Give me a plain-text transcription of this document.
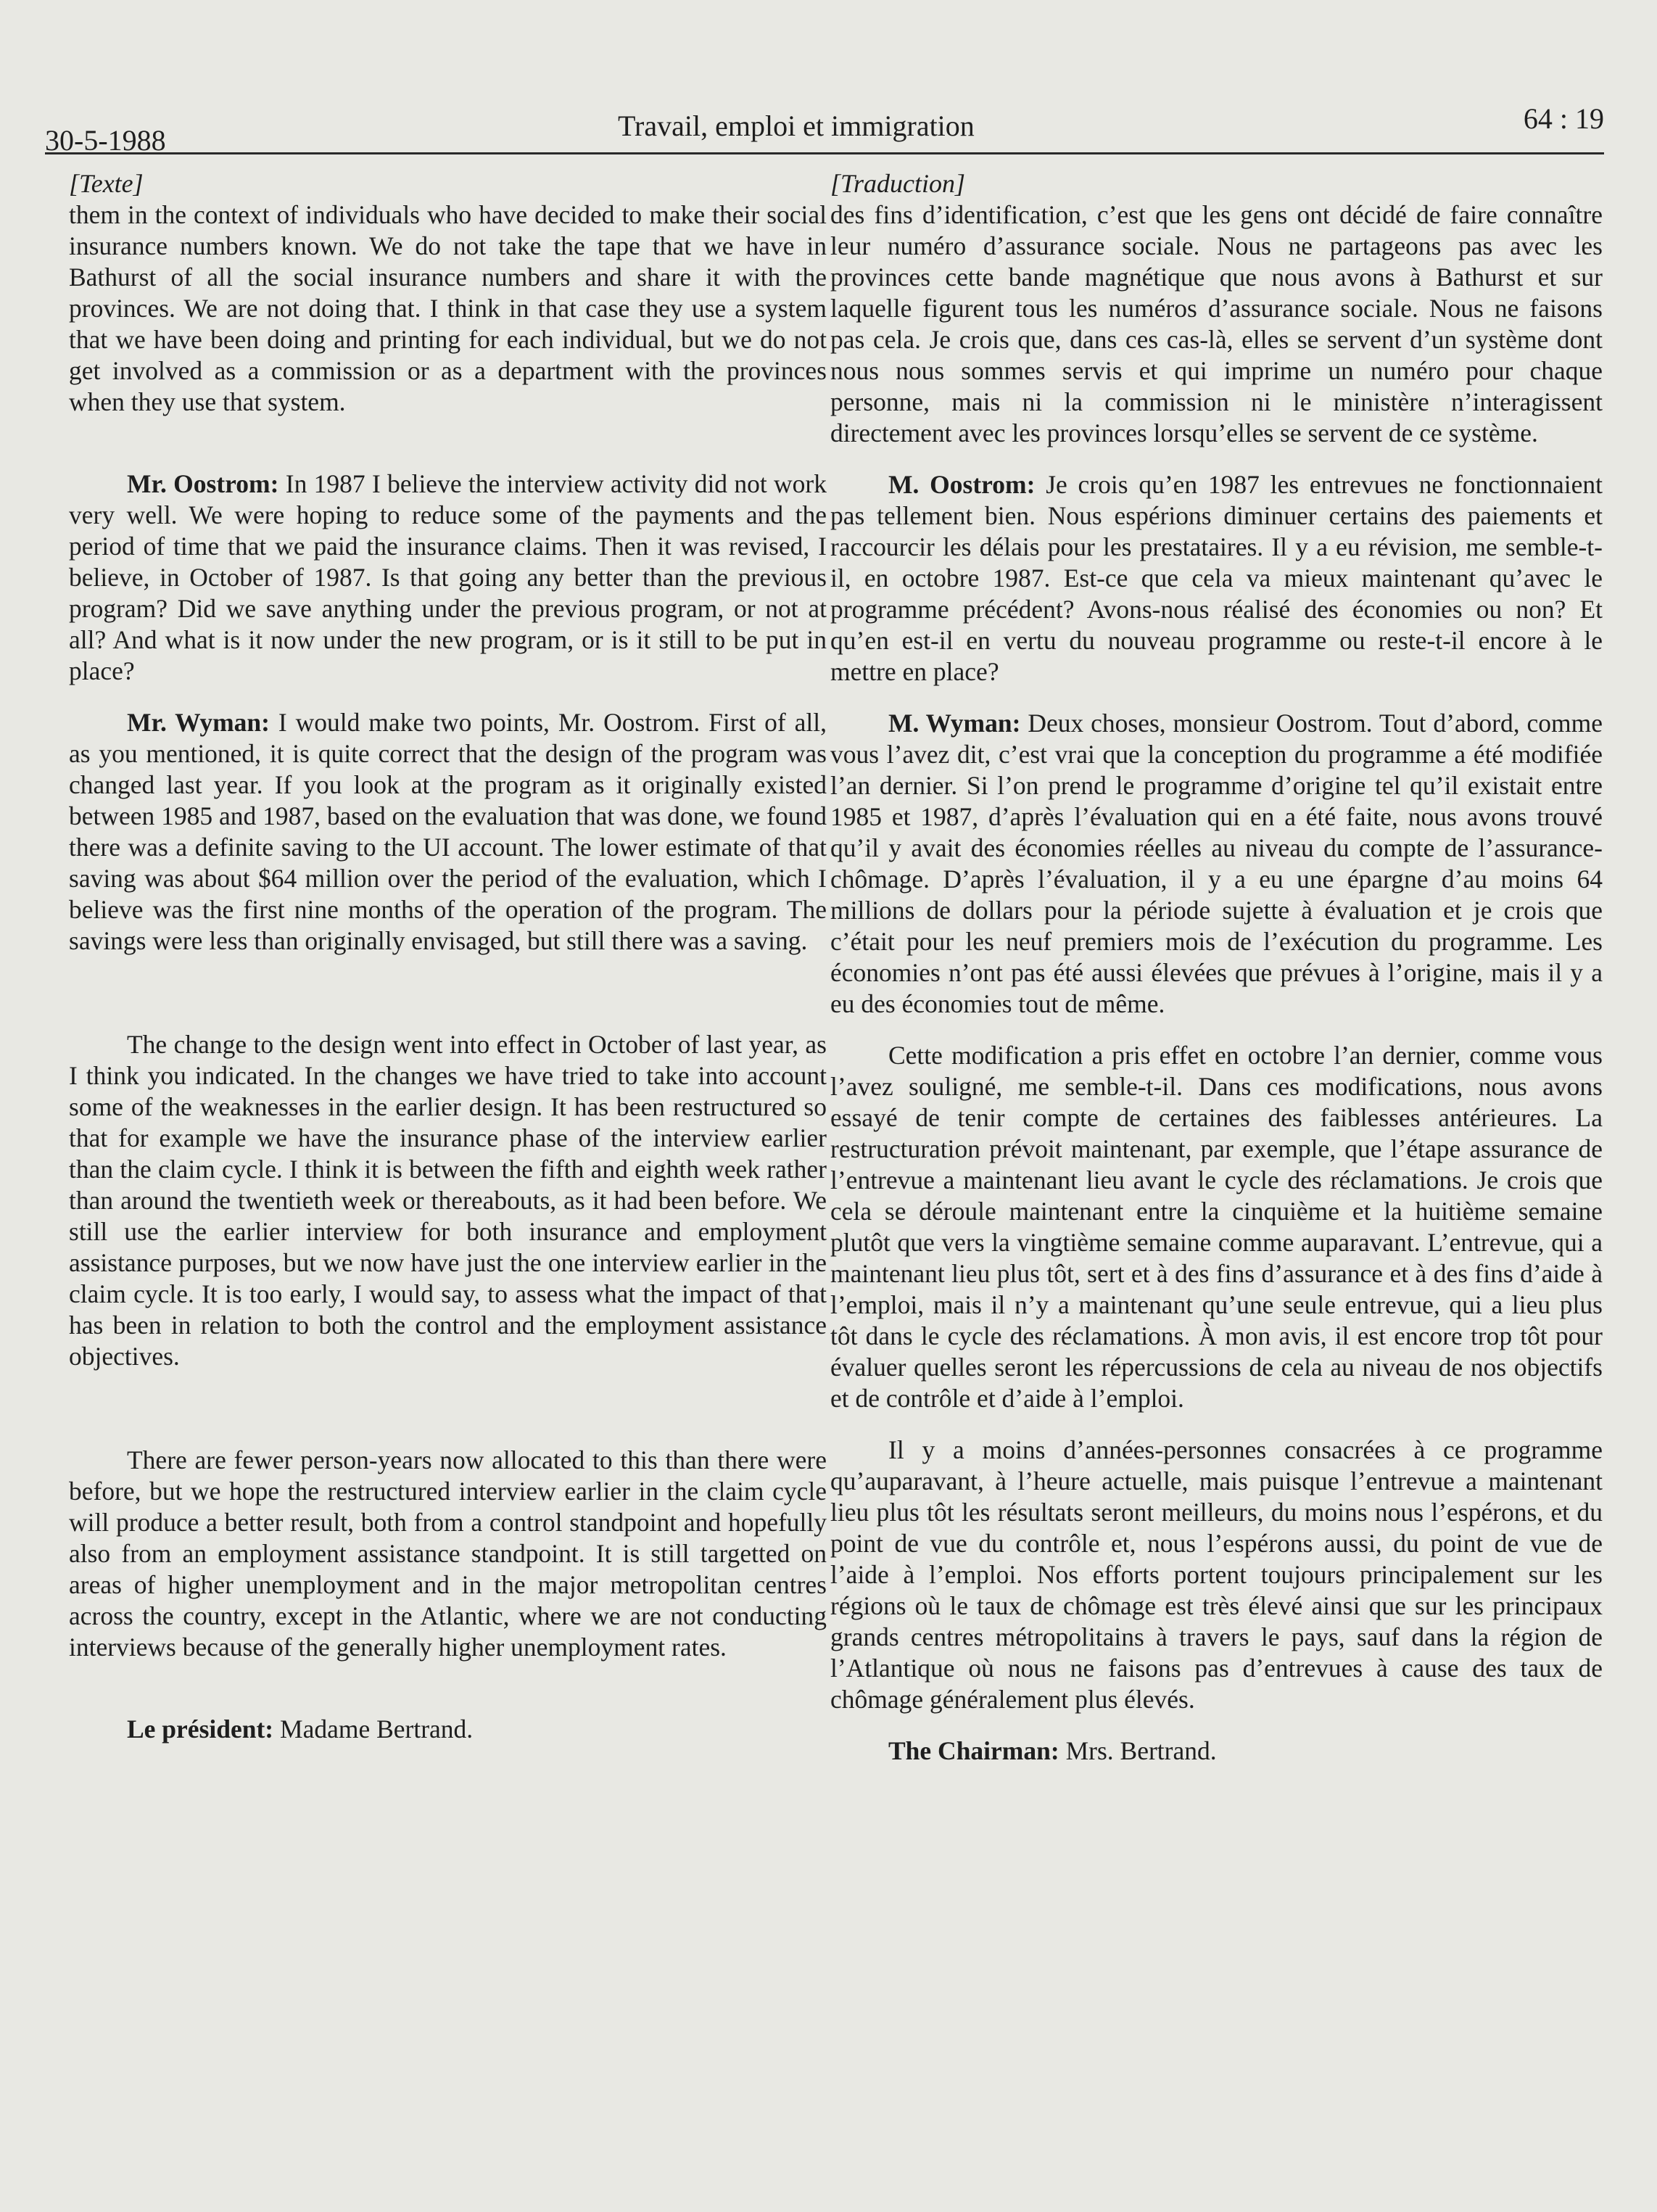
30-5-1988	Travail, emploi et immigration	64 : 19
[Texte]

them in the context of individuals who have decided to make their social insurance numbers known. We do not take the tape that we have in Bathurst of all the social insurance numbers and share it with the provinces. We are not doing that. I think in that case they use a system that we have been doing and printing for each individual, but we do not get involved as a commission or as a department with the provinces when they use that system.

Mr. Oostrom: In 1987 I believe the interview activity did not work very well. We were hoping to reduce some of the payments and the period of time that we paid the insurance claims. Then it was revised, I believe, in October of 1987. Is that going any better than the previous program? Did we save anything under the previous program, or not at all? And what is it now under the new program, or is it still to be put in place?

Mr. Wyman: I would make two points, Mr. Oostrom. First of all, as you mentioned, it is quite correct that the design of the program was changed last year. If you look at the program as it originally existed between 1985 and 1987, based on the evaluation that was done, we found there was a definite saving to the UI account. The lower estimate of that saving was about $64 million over the period of the evaluation, which I believe was the first nine months of the operation of the program. The savings were less than originally envisaged, but still there was a saving.

The change to the design went into effect in October of last year, as I think you indicated. In the changes we have tried to take into account some of the weaknesses in the earlier design. It has been restructured so that for example we have the insurance phase of the interview earlier than the claim cycle. I think it is between the fifth and eighth week rather than around the twentieth week or thereabouts, as it had been before. We still use the earlier interview for both insurance and employment assistance purposes, but we now have just the one interview earlier in the claim cycle. It is too early, I would say, to assess what the impact of that has been in relation to both the control and the employment assistance objectives.

There are fewer person-years now allocated to this than there were before, but we hope the restructured interview earlier in the claim cycle will produce a better result, both from a control standpoint and hopefully also from an employment assistance standpoint. It is still targetted on areas of higher unemployment and in the major metropolitan centres across the country, except in the Atlantic, where we are not conducting interviews because of the generally higher unemployment rates.

Le président: Madame Bertrand.

[Traduction]

des fins d’identification, c’est que les gens ont décidé de faire connaître leur numéro d’assurance sociale. Nous ne partageons pas avec les provinces cette bande magnétique que nous avons à Bathurst et sur laquelle figurent tous les numéros d’assurance sociale. Nous ne faisons pas cela. Je crois que, dans ces cas-là, elles se servent d’un système dont nous nous sommes servis et qui imprime un numéro pour chaque personne, mais ni la commission ni le ministère n’interagissent directement avec les provinces lorsqu’elles se servent de ce système.

M. Oostrom: Je crois qu’en 1987 les entrevues ne fonctionnaient pas tellement bien. Nous espérions diminuer certains des paiements et raccourcir les délais pour les prestataires. Il y a eu révision, me semble-t-il, en octobre 1987. Est-ce que cela va mieux maintenant qu’avec le programme précédent? Avons-nous réalisé des économies ou non? Et qu’en est-il en vertu du nouveau programme ou reste-t-il encore à le mettre en place?

M. Wyman: Deux choses, monsieur Oostrom. Tout d’abord, comme vous l’avez dit, c’est vrai que la conception du programme a été modifiée l’an dernier. Si l’on prend le programme d’origine tel qu’il existait entre 1985 et 1987, d’après l’évaluation qui en a été faite, nous avons trouvé qu’il y avait des économies réelles au niveau du compte de l’assurance-chômage. D’après l’évaluation, il y a eu une épargne d’au moins 64 millions de dollars pour la période sujette à évaluation et je crois que c’était pour les neuf premiers mois de l’exécution du programme. Les économies n’ont pas été aussi élevées que prévues à l’origine, mais il y a eu des économies tout de même.

Cette modification a pris effet en octobre l’an dernier, comme vous l’avez souligné, me semble-t-il. Dans ces modifications, nous avons essayé de tenir compte de certaines des faiblesses antérieures. La restructuration prévoit maintenant, par exemple, que l’étape assurance de l’entrevue a maintenant lieu avant le cycle des réclamations. Je crois que cela se déroule maintenant entre la cinquième et la huitième semaine plutôt que vers la vingtième semaine comme auparavant. L’entrevue, qui a maintenant lieu plus tôt, sert et à des fins d’assurance et à des fins d’aide à l’emploi, mais il n’y a maintenant qu’une seule entrevue, qui a lieu plus tôt dans le cycle des réclamations. À mon avis, il est encore trop tôt pour évaluer quelles seront les répercussions de cela au niveau de nos objectifs et de contrôle et d’aide à l’emploi.

Il y a moins d’années-personnes consacrées à ce programme qu’auparavant, à l’heure actuelle, mais puisque l’entrevue a maintenant lieu plus tôt les résultats seront meilleurs, du moins nous l’espérons, et du point de vue du contrôle et, nous l’espérons aussi, du point de vue de l’aide à l’emploi. Nos efforts portent toujours principalement sur les régions où le taux de chômage est très élevé ainsi que sur les principaux grands centres métropolitains à travers le pays, sauf dans la région de l’Atlantique où nous ne faisons pas d’entrevues à cause des taux de chômage généralement plus élevés.

The Chairman: Mrs. Bertrand.
